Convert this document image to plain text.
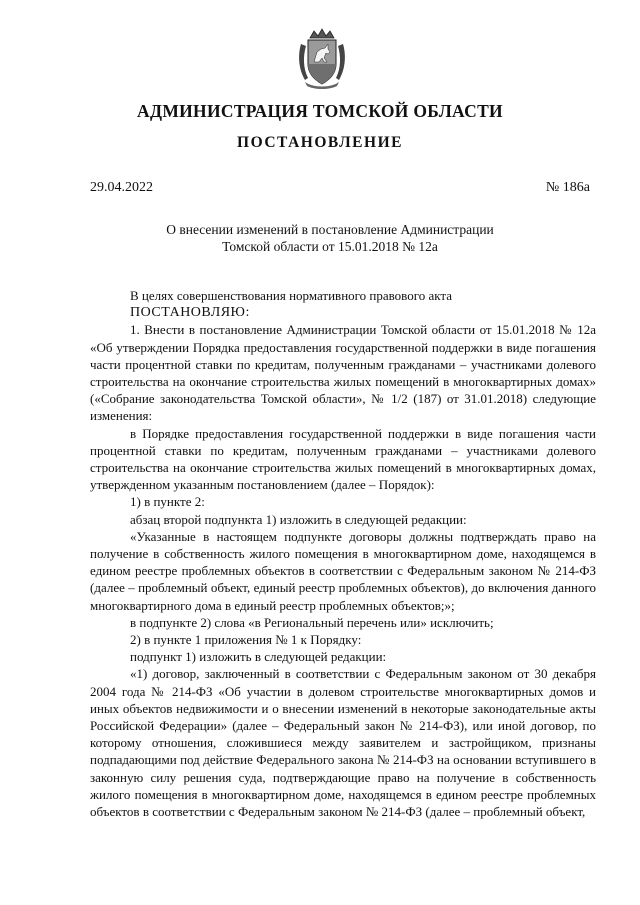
АДМИНИСТРАЦИЯ ТОМСКОЙ ОБЛАСТИ
ПОСТАНОВЛЕНИЕ
29.04.2022	№ 186а
О внесении изменений в постановление Администрации
Томской области от 15.01.2018 № 12а

В целях совершенствования нормативного правового акта

ПОСТАНОВЛЯЮ:

1. Внести в постановление Администрации Томской области от 15.01.2018 № 12а «Об утверждении Порядка предоставления государственной поддержки в виде погашения части процентной ставки по кредитам, полученным гражданами – участниками долевого строительства на окончание строительства жилых помещений в многоквартирных домах» («Собрание законодательства Томской области», № 1/2 (187) от 31.01.2018) следующие изменения:

в Порядке предоставления государственной поддержки в виде погашения части процентной ставки по кредитам, полученным гражданами – участниками долевого строительства на окончание строительства жилых помещений в многоквартирных домах, утвержденном указанным постановлением (далее – Порядок):

1) в пункте 2:

абзац второй подпункта 1) изложить в следующей редакции:

«Указанные в настоящем подпункте договоры должны подтверждать право на получение в собственность жилого помещения в многоквартирном доме, находящемся в едином реестре проблемных объектов в соответствии с Федеральным законом № 214-ФЗ (далее – проблемный объект, единый реестр проблемных объектов), до включения данного многоквартирного дома в единый реестр проблемных объектов;»;

в подпункте 2) слова «в Региональный перечень или» исключить;

2) в пункте 1 приложения № 1 к Порядку:

подпункт 1) изложить в следующей редакции:

«1) договор, заключенный в соответствии с Федеральным законом от 30 декабря 2004 года № 214-ФЗ «Об участии в долевом строительстве многоквартирных домов и иных объектов недвижимости и о внесении изменений в некоторые законодательные акты Российской Федерации» (далее – Федеральный закон № 214-ФЗ), или иной договор, по которому отношения, сложившиеся между заявителем и застройщиком, признаны подпадающими под действие Федерального закона № 214-ФЗ на основании вступившего в законную силу решения суда, подтверждающие право на получение в собственность жилого помещения в многоквартирном доме, находящемся в едином реестре проблемных объектов в соответствии с Федеральным законом № 214-ФЗ (далее – проблемный объект,
